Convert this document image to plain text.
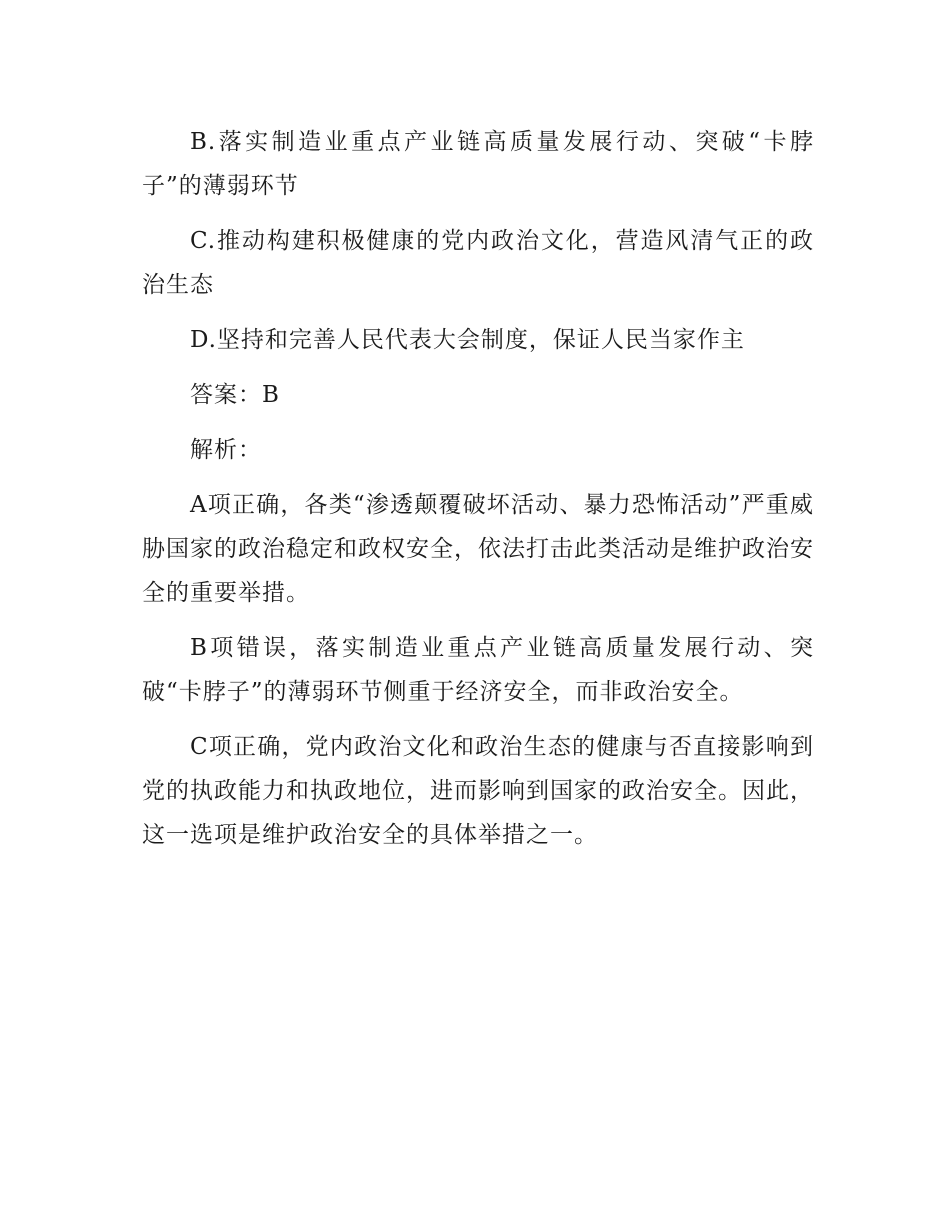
B.落实制造业重点产业链高质量发展行动、突破“卡脖子”的薄弱环节

C.推动构建积极健康的党内政治文化，营造风清气正的政治生态

D.坚持和完善人民代表大会制度，保证人民当家作主

答案：B

解析：

A项正确，各类“渗透颠覆破坏活动、暴力恐怖活动”严重威胁国家的政治稳定和政权安全，依法打击此类活动是维护政治安全的重要举措。

B项错误，落实制造业重点产业链高质量发展行动、突破“卡脖子”的薄弱环节侧重于经济安全，而非政治安全。

C项正确，党内政治文化和政治生态的健康与否直接影响到党的执政能力和执政地位，进而影响到国家的政治安全。因此，这一选项是维护政治安全的具体举措之一。
